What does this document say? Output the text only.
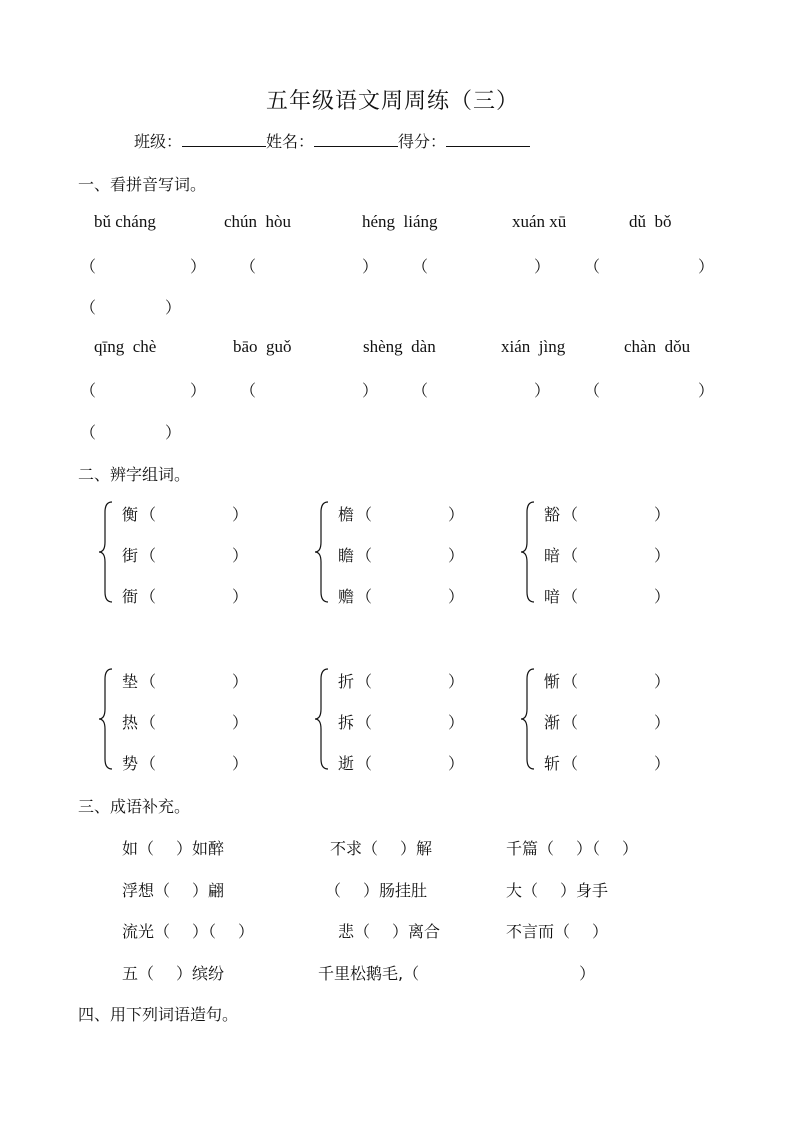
五年级语文周周练（三）
班级：	姓名：	得分：
一、看拼音写词。
bǔ cháng	chún  hòu	héng  liáng	xuán xū	dǔ  bǒ
（	） （	） （	） （	）
（	）
qīng  chè	bāo  guǒ	shèng  dàn	xián  jìng	chàn  dǒu
（	） （	） （	） （	）
（	）
二、辨字组词。
衡 （	）
街 （	）
衙 （	）
檐 （	）
瞻 （	）
赡 （	）
豁 （	）
暗 （	）
喑 （	）
垫 （	）
热 （	）
势 （	）
折 （	）
拆 （	）
逝 （	）
惭 （	）
渐 （	）
斩 （	）
三、成语补充。
如（ ）如醉	不求（ ）解	千篇（ ）（ ）
浮想（ ）翩	（ ）肠挂肚	大（ ）身手
流光（ ）（ ）	悲（ ）离合	不言而（ ）
五（ ）缤纷	千里松鹅毛,（	）
四、用下列词语造句。
